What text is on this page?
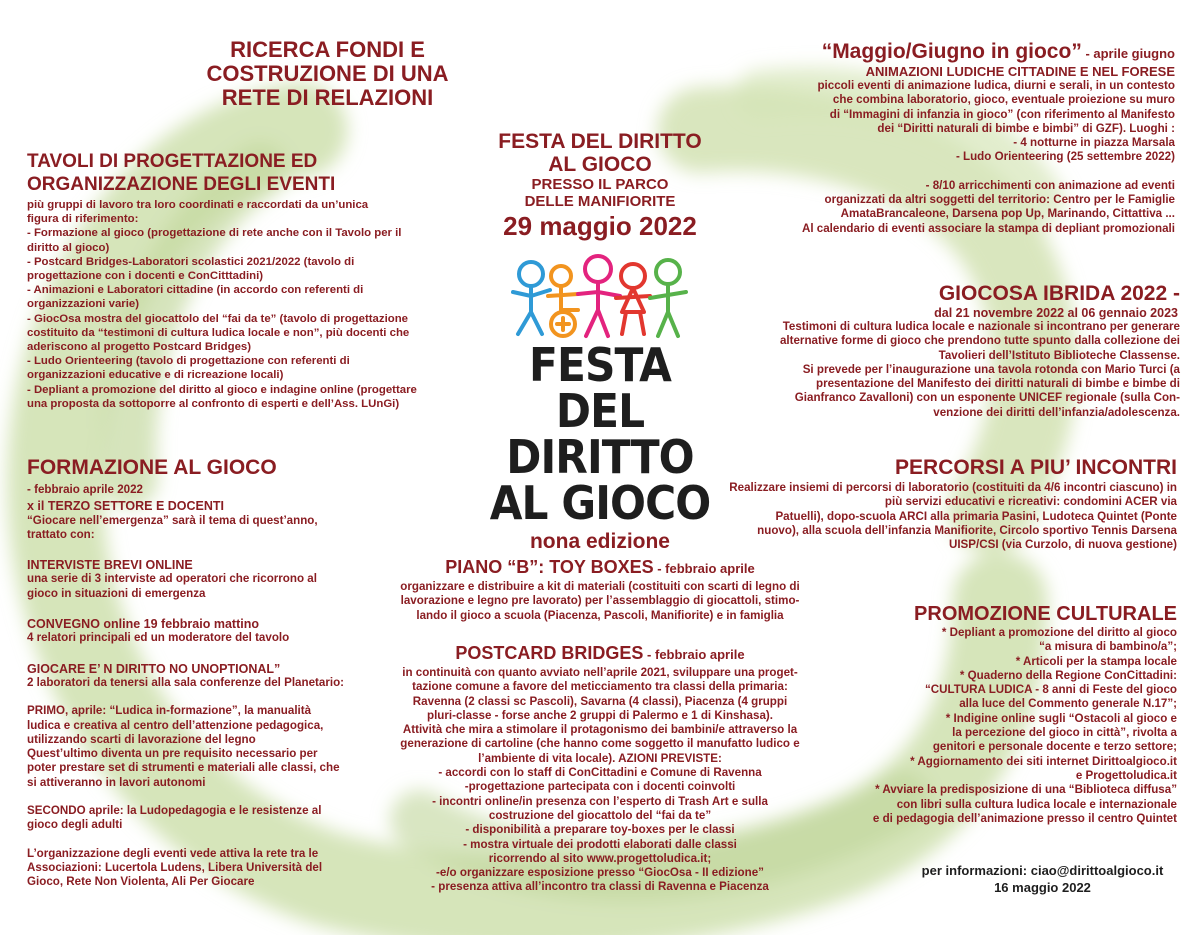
RICERCA FONDI E
COSTRUZIONE DI UNA
RETE DI RELAZIONI
TAVOLI DI PROGETTAZIONE ED
ORGANIZZAZIONE DEGLI EVENTI
più gruppi di lavoro tra loro coordinati e raccordati da un’unica
figura di riferimento:
- Formazione al gioco (progettazione di rete anche con il Tavolo per il
diritto al gioco)
- Postcard Bridges-Laboratori scolastici 2021/2022 (tavolo di
progettazione con i docenti e ConCitttadini)
- Animazioni e Laboratori cittadine (in accordo con referenti di
organizzazioni varie)
- GiocOsa mostra del giocattolo del “fai da te” (tavolo di progettazione
costituito da “testimoni di cultura ludica locale e non”, più docenti che
aderiscono al progetto Postcard Bridges)
- Ludo Orienteering (tavolo di progettazione con referenti di
organizzazioni educative e di ricreazione locali)
- Depliant a promozione del diritto al gioco e indagine online (progettare
una proposta da sottoporre al confronto di esperti e dell’Ass. LUnGi)
FORMAZIONE AL GIOCO
- febbraio aprile 2022
x il TERZO SETTORE E DOCENTI
“Giocare nell’emergenza” sarà il tema di quest’anno,
trattato con:
INTERVISTE BREVI ONLINE
una serie di 3 interviste ad operatori che ricorrono al
gioco in situazioni di emergenza
CONVEGNO online 19 febbraio mattino
4 relatori principali ed un moderatore del tavolo
GIOCARE E’ N DIRITTO NO UNOPTIONAL”
2 laboratori da tenersi alla sala conferenze del Planetario:
PRIMO, aprile: “Ludica in-formazione”, la manualità
ludica e creativa al centro dell’attenzione pedagogica,
utilizzando scarti di lavorazione del legno
Quest’ultimo diventa un pre requisito necessario per
poter prestare set di strumenti e materiali alle classi, che
si attiveranno in lavori autonomi
SECONDO aprile: la Ludopedagogia e le resistenze al
gioco degli adulti
L’organizzazione degli eventi vede attiva la rete tra le
Associazioni: Lucertola Ludens, Libera Università del
Gioco, Rete Non Violenta, Ali Per Giocare
FESTA DEL DIRITTO
AL GIOCO
PRESSO IL PARCO
DELLE MANIFIORITE
29 maggio 2022
FESTA DEL
DIRITTO
AL GIOCO
nona edizione
PIANO “B”: TOY BOXES - febbraio aprile
organizzare e distribuire a kit di materiali (costituiti con scarti di legno di
lavorazione e legno pre lavorato) per l’assemblaggio di giocattoli, stimo-
lando il gioco a scuola (Piacenza, Pascoli, Manifiorite) e in famiglia
POSTCARD BRIDGES - febbraio aprile
in continuità con quanto avviato nell’aprile 2021, sviluppare una proget-
tazione comune a favore del meticciamento tra classi della primaria:
Ravenna (2 classi sc Pascoli), Savarna (4 classi), Piacenza (4 gruppi
pluri-classe - forse anche 2 gruppi di Palermo e 1 di Kinshasa).
Attività che mira a stimolare il protagonismo dei bambini/e attraverso la
generazione di cartoline (che hanno come soggetto il manufatto ludico e
l’ambiente di vita locale). AZIONI PREVISTE:
- accordi con lo staff di ConCittadini e Comune di Ravenna
-progettazione partecipata con i docenti coinvolti
- incontri online/in presenza con l’esperto di Trash Art e sulla
costruzione del giocattolo del “fai da te”
- disponibilità a preparare toy-boxes per le classi
- mostra virtuale dei prodotti elaborati dalle classi
ricorrendo al sito www.progettoludica.it;
-e/o organizzare esposizione presso “GiocOsa - II edizione”
- presenza attiva all’incontro tra classi di Ravenna e Piacenza
“Maggio/Giugno in gioco” - aprile giugno
ANIMAZIONI LUDICHE CITTADINE E NEL FORESE
piccoli eventi di animazione ludica, diurni e serali, in un contesto
che combina laboratorio, gioco, eventuale proiezione su muro
di “Immagini di infanzia in gioco” (con riferimento al Manifesto
dei “Diritti naturali di bimbe e bimbi” di GZF). Luoghi :
- 4 notturne in piazza Marsala
- Ludo Orienteering (25 settembre 2022)
- 8/10 arricchimenti con animazione ad eventi
organizzati da altri soggetti del territorio: Centro per le Famiglie
AmataBrancaleone, Darsena pop Up, Marinando, Cittattiva ...
Al calendario di eventi associare la stampa di depliant promozionali
GIOCOSA IBRIDA 2022 -
dal 21 novembre 2022 al 06 gennaio 2023
Testimoni di cultura ludica locale e nazionale si incontrano per generare
alternative forme di gioco che prendono tutte spunto dalla collezione dei
Tavolieri dell’Istituto Biblioteche Classense.
Si prevede per l’inaugurazione una tavola rotonda con Mario Turci (a
presentazione del Manifesto dei diritti naturali di bimbe e bimbe di
Gianfranco Zavalloni) con un esponente UNICEF regionale (sulla Con-
venzione dei diritti dell’infanzia/adolescenza.
PERCORSI A PIU’ INCONTRI
Realizzare insiemi di percorsi di laboratorio (costituiti da 4/6 incontri ciascuno) in
più servizi educativi e ricreativi: condomini ACER via
Patuelli), dopo-scuola ARCI alla primaria Pasini, Ludoteca Quintet (Ponte
nuovo), alla scuola dell’infanzia Manifiorite, Circolo sportivo Tennis Darsena
UISP/CSI (via Curzolo, di nuova gestione)
PROMOZIONE CULTURALE
* Depliant a promozione del diritto al gioco
“a misura di bambino/a”;
* Articoli per la stampa locale
* Quaderno della Regione ConCittadini:
“CULTURA LUDICA - 8 anni di Feste del gioco
alla luce del Commento generale N.17”;
* Indigine online sugli “Ostacoli al gioco e
la percezione del gioco in città”, rivolta a
genitori e personale docente e terzo settore;
* Aggiornamento dei siti internet Dirittoalgioco.it
e Progettoludica.it
* Avviare la predisposizione di una “Biblioteca diffusa”
con libri sulla cultura ludica locale e internazionale
e di pedagogia dell’animazione presso il centro Quintet
per informazioni: ciao@dirittoalgioco.it
16 maggio 2022
